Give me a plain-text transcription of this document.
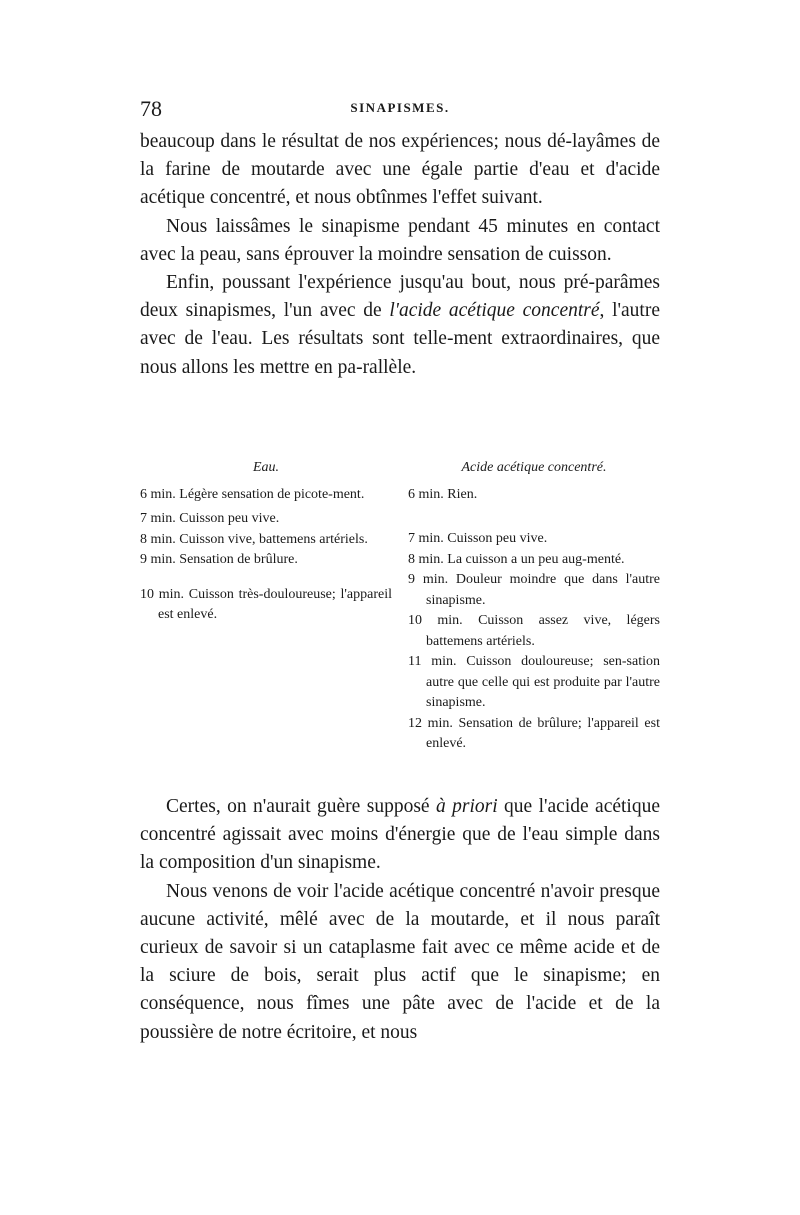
78	SINAPISMES.

beaucoup dans le résultat de nos expériences; nous dé-layâmes de la farine de moutarde avec une égale partie d'eau et d'acide acétique concentré, et nous obtînmes l'effet suivant.

Nous laissâmes le sinapisme pendant 45 minutes en contact avec la peau, sans éprouver la moindre sensation de cuisson.

Enfin, poussant l'expérience jusqu'au bout, nous pré-parâmes deux sinapismes, l'un avec de l'acide acétique concentré, l'autre avec de l'eau. Les résultats sont telle-ment extraordinaires, que nous allons les mettre en pa-rallèle.

Eau.

6 min. Légère sensation de picote-ment.

7 min. Cuisson peu vive.

8 min. Cuisson vive, battemens artériels.

9 min. Sensation de brûlure.

10 min. Cuisson très-douloureuse; l'appareil est enlevé.

Acide acétique concentré.

6 min. Rien.

7 min. Cuisson peu vive.

8 min. La cuisson a un peu aug-menté.

9 min. Douleur moindre que dans l'autre sinapisme.

10 min. Cuisson assez vive, légers battemens artériels.

11 min. Cuisson douloureuse; sen-sation autre que celle qui est produite par l'autre sinapisme.

12 min. Sensation de brûlure; l'appareil est enlevé.

Certes, on n'aurait guère supposé à priori que l'acide acétique concentré agissait avec moins d'énergie que de l'eau simple dans la composition d'un sinapisme.

Nous venons de voir l'acide acétique concentré n'avoir presque aucune activité, mêlé avec de la moutarde, et il nous paraît curieux de savoir si un cataplasme fait avec ce même acide et de la sciure de bois, serait plus actif que le sinapisme; en conséquence, nous fîmes une pâte avec de l'acide et de la poussière de notre écritoire, et nous
